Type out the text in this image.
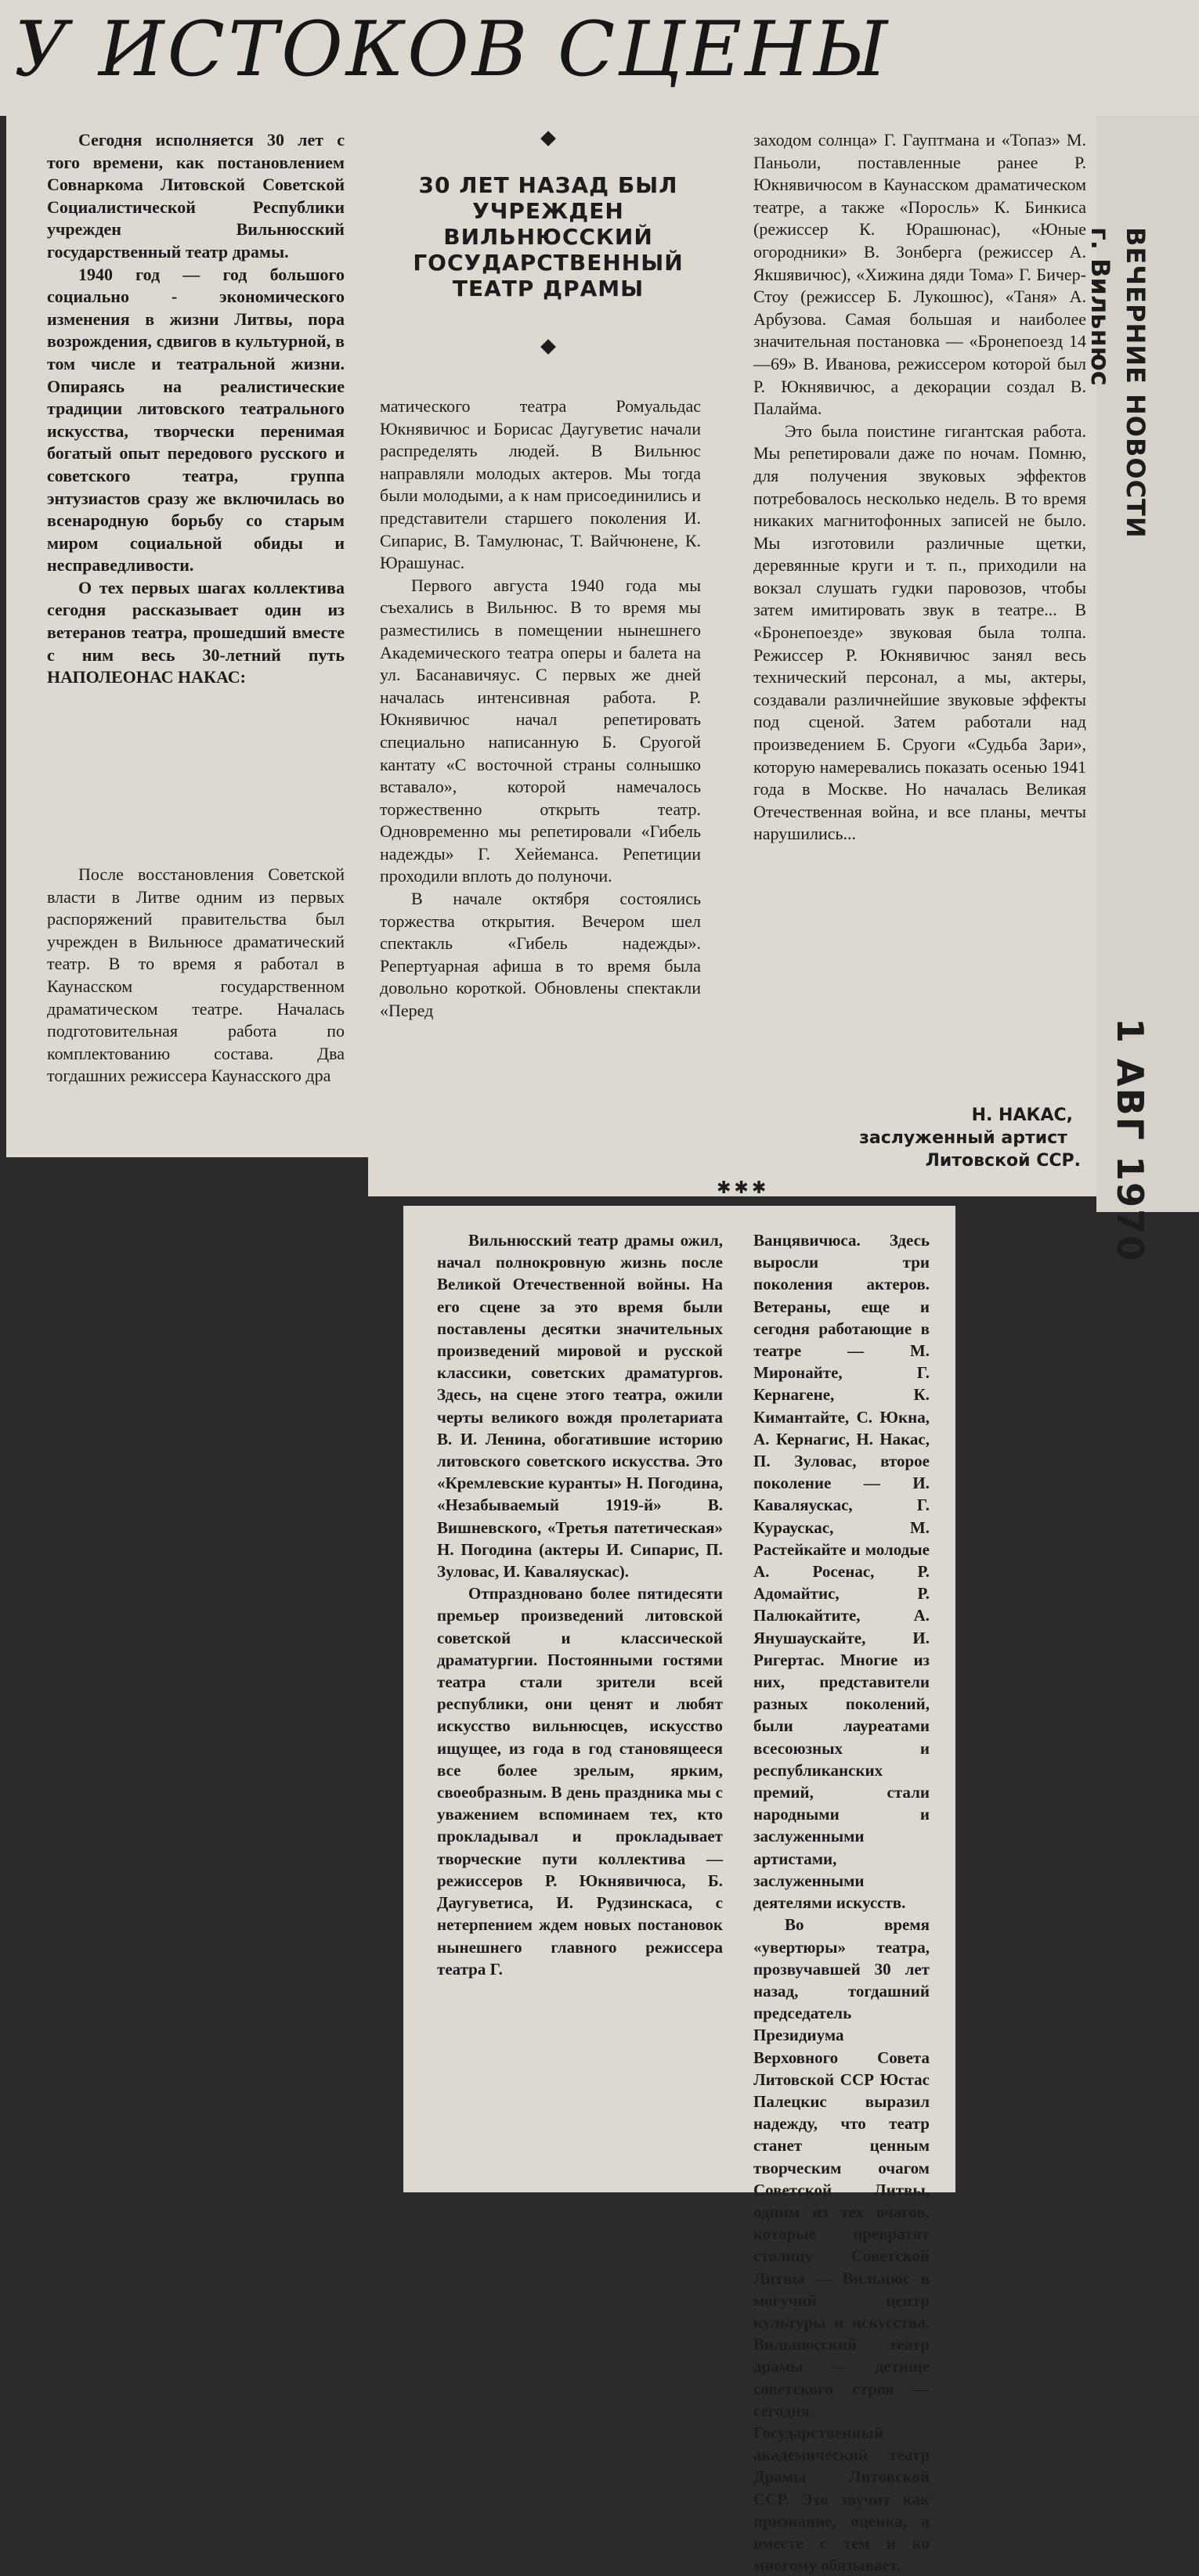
У ИСТОКОВ СЦЕНЫ
30 ЛЕТ НАЗАД БЫЛ УЧРЕЖДЕН ВИЛЬНЮССКИЙ ГОСУДАРСТВЕННЫЙ ТЕАТР ДРАМЫ

Сегодня исполняется 30 лет с того времени, как постановлением Совнаркома Литовской Советской Социалистической Республики учрежден Вильнюсский государственный театр драмы.

1940 год — год большого социально - экономического изменения в жизни Литвы, пора возрождения, сдвигов в культурной, в том числе и театральной жизни. Опираясь на реалистические традиции литовского театрального искусства, творчески перенимая богатый опыт передового русского и советского театра, группа энтузиастов сразу же включилась во всенародную борьбу со старым миром социальной обиды и несправедливости.

О тех первых шагах коллектива сегодня рассказывает один из ветеранов театра, прошедший вместе с ним весь 30-летний путь НАПОЛЕОНАС НАКАС:

После восстановления Советской власти в Литве одним из первых распоряжений правительства был учрежден в Вильнюсе драматический театр. В то время я работал в Каунасском государственном драматическом театре. Началась подготовительная работа по комплектованию состава. Два тогдашних режиссера Каунасского дра

матического театра Ромуальдас Юкнявичюс и Борисас Даугуветис начали распределять людей. В Вильнюс направляли молодых актеров. Мы тогда были молодыми, а к нам присоединились и представители старшего поколения И. Сипарис, В. Тамулюнас, Т. Вайчюнене, К. Юрашунас.

Первого августа 1940 года мы съехались в Вильнюс. В то время мы разместились в помещении нынешнего Академического театра оперы и балета на ул. Басанавичяус. С первых же дней началась интенсивная работа. Р. Юкнявичюс начал репетировать специально написанную Б. Сруогой кантату «С восточной страны солнышко вставало», которой намечалось торжественно открыть театр. Одновременно мы репетировали «Гибель надежды» Г. Хейеманса. Репетиции проходили вплоть до полуночи.

В начале октября состоялись торжества открытия. Вечером шел спектакль «Гибель надежды». Репертуарная афиша в то время была довольно короткой. Обновлены спектакли «Перед

заходом солнца» Г. Гауптмана и «Топаз» М. Паньоли, поставленные ранее Р. Юкнявичюсом в Каунасском драматическом театре, а также «Поросль» К. Бинкиса (режиссер К. Юрашюнас), «Юные огородники» В. Зонберга (режиссер А. Якшявичюс), «Хижина дяди Тома» Г. Бичер-Стоу (режиссер Б. Лукошюс), «Таня» А. Арбузова. Самая большая и наиболее значительная постановка — «Бронепоезд 14—69» В. Иванова, режиссером которой был Р. Юкнявичюс, а декорации создал В. Палайма.

Это была поистине гигантская работа. Мы репетировали даже по ночам. Помню, для получения звуковых эффектов потребовалось несколько недель. В то время никаких магнитофонных записей не было. Мы изготовили различные щетки, деревянные круги и т. п., приходили на вокзал слушать гудки паровозов, чтобы затем имитировать звук в театре... В «Бронепоезде» звуковая была толпа. Режиссер Р. Юкнявичюс занял весь технический персонал, а мы, актеры, создавали различнейшие звуковые эффекты под сценой. Затем работали над произведением Б. Сруоги «Судьба Зари», которую намеревались показать осенью 1941 года в Москве. Но началась Великая Отечественная война, и все планы, мечты нарушились...

Н. НАКАС,
заслуженный артист
Литовской ССР.
✱✱✱

Вильнюсский театр драмы ожил, начал полнокровную жизнь после Великой Отечественной войны. На его сцене за это время были поставлены десятки значительных произведений мировой и русской классики, советских драматургов. Здесь, на сцене этого театра, ожили черты великого вождя пролетариата В. И. Ленина, обогатившие историю литовского советского искусства. Это «Кремлевские куранты» Н. Погодина, «Незабываемый 1919-й» В. Вишневского, «Третья патетическая» Н. Погодина (актеры И. Сипарис, П. Зуловас, И. Каваляускас).

Отпраздновано более пятидесяти премьер произведений литовской советской и классической драматургии. Постоянными гостями театра стали зрители всей республики, они ценят и любят искусство вильнюсцев, искусство ищущее, из года в год становящееся все более зрелым, ярким, своеобразным. В день праздника мы с уважением вспоминаем тех, кто прокладывал и прокладывает творческие пути коллектива — режиссеров Р. Юкнявичюса, Б. Даугуветиса, И. Рудзинскаса, с нетерпением ждем новых постановок нынешнего главного режиссера театра Г.

Ванцявичюса. Здесь выросли три поколения актеров. Ветераны, еще и сегодня работающие в театре — М. Миронайте, Г. Кернагене, К. Кимантайте, С. Юкна, А. Кернагис, Н. Накас, П. Зуловас, второе поколение — И. Каваляускас, Г. Кураускас, М. Растейкайте и молодые А. Росенас, Р. Адомайтис, Р. Палюкайтите, А. Янушаускайте, И. Ригертас. Многие из них, представители разных поколений, были лауреатами всесоюзных и республиканских премий, стали народными и заслуженными артистами, заслуженными деятелями искусств.

Во время «увертюры» театра, прозвучавшей 30 лет назад, тогдашний председатель Президиума Верховного Совета Литовской ССР Юстас Палецкис выразил надежду, что театр станет ценным творческим очагом Советской Литвы, одним из тех очагов, которые превратят столицу Советской Литвы — Вильнюс в могучий центр культуры и искусства. Вильнюсский театр драмы — детище советского строя — сегодня Государственный академический театр Драмы Литовской ССР. Это звучит как признание, оценка, а вместе с тем и ко многому обязывает.

ВЕЧЕРНИЕ НОВОСТИ
г. Вильнюс
1 АВГ 1970
